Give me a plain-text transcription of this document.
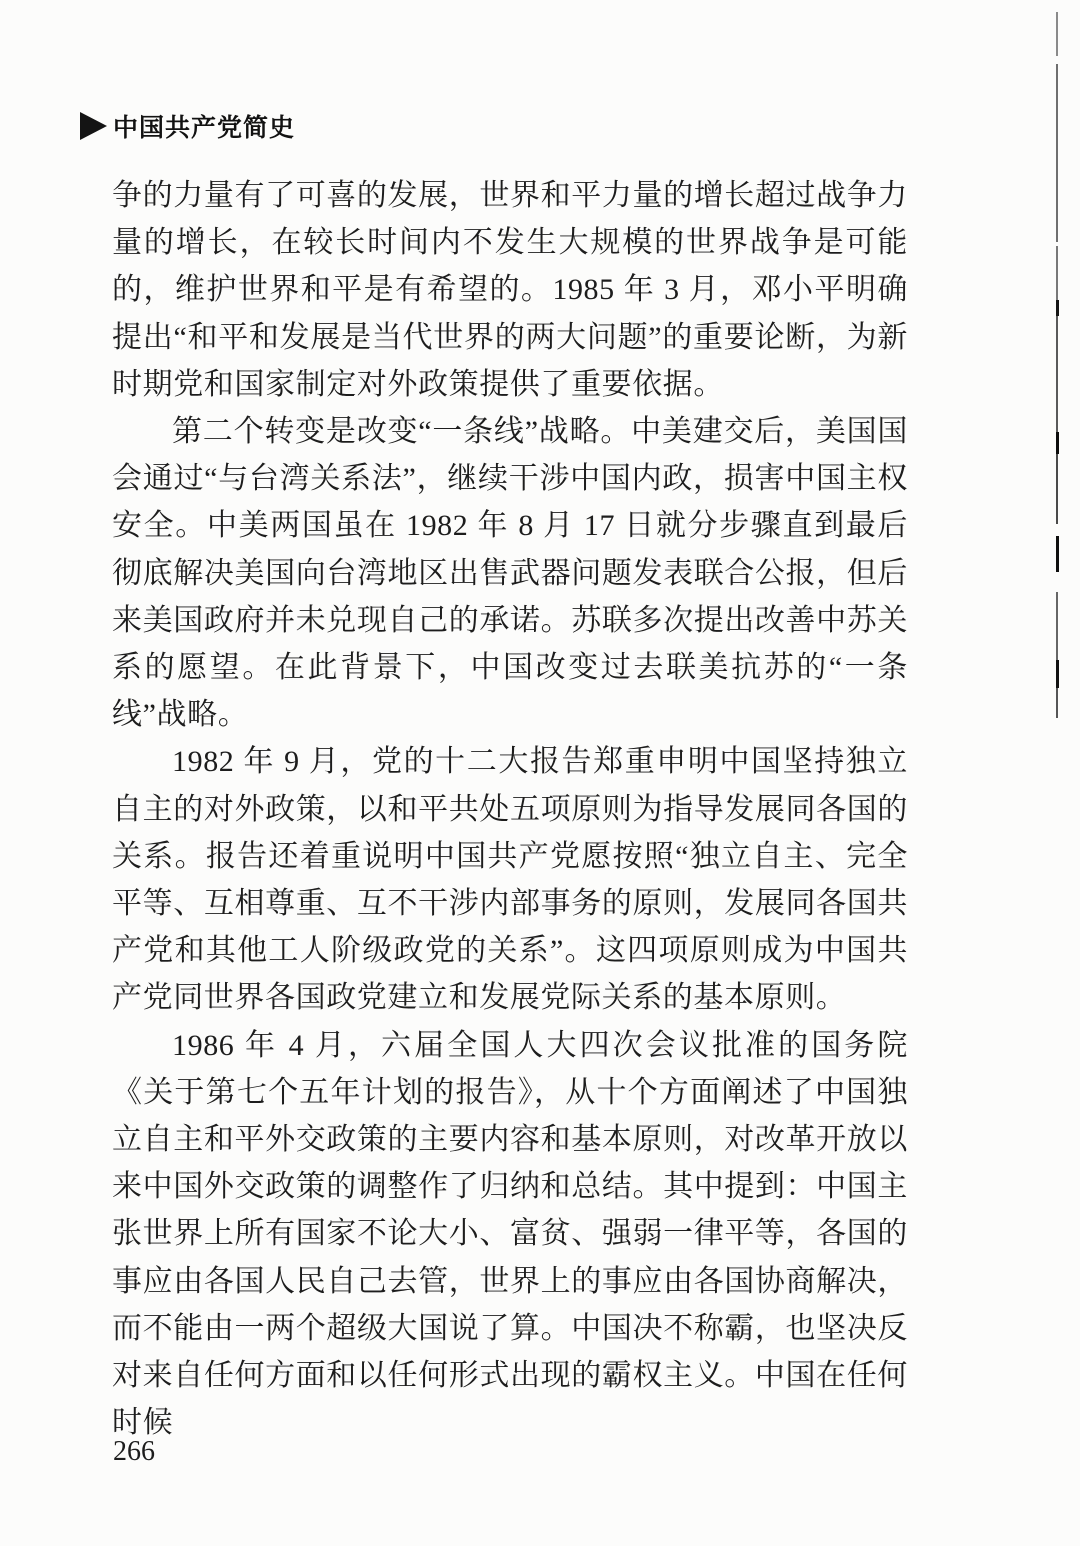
中国共产党简史

争的力量有了可喜的发展，世界和平力量的增长超过战争力量的增长，在较长时间内不发生大规模的世界战争是可能的，维护世界和平是有希望的。1985 年 3 月，邓小平明确提出“和平和发展是当代世界的两大问题”的重要论断，为新时期党和国家制定对外政策提供了重要依据。

第二个转变是改变“一条线”战略。中美建交后，美国国会通过“与台湾关系法”，继续干涉中国内政，损害中国主权安全。中美两国虽在 1982 年 8 月 17 日就分步骤直到最后彻底解决美国向台湾地区出售武器问题发表联合公报，但后来美国政府并未兑现自己的承诺。苏联多次提出改善中苏关系的愿望。在此背景下，中国改变过去联美抗苏的“一条线”战略。

1982 年 9 月，党的十二大报告郑重申明中国坚持独立自主的对外政策，以和平共处五项原则为指导发展同各国的关系。报告还着重说明中国共产党愿按照“独立自主、完全平等、互相尊重、互不干涉内部事务的原则，发展同各国共产党和其他工人阶级政党的关系”。这四项原则成为中国共产党同世界各国政党建立和发展党际关系的基本原则。

1986 年 4 月，六届全国人大四次会议批准的国务院《关于第七个五年计划的报告》，从十个方面阐述了中国独立自主和平外交政策的主要内容和基本原则，对改革开放以来中国外交政策的调整作了归纳和总结。其中提到：中国主张世界上所有国家不论大小、富贫、强弱一律平等，各国的事应由各国人民自己去管，世界上的事应由各国协商解决，而不能由一两个超级大国说了算。中国决不称霸，也坚决反对来自任何方面和以任何形式出现的霸权主义。中国在任何时候

266
